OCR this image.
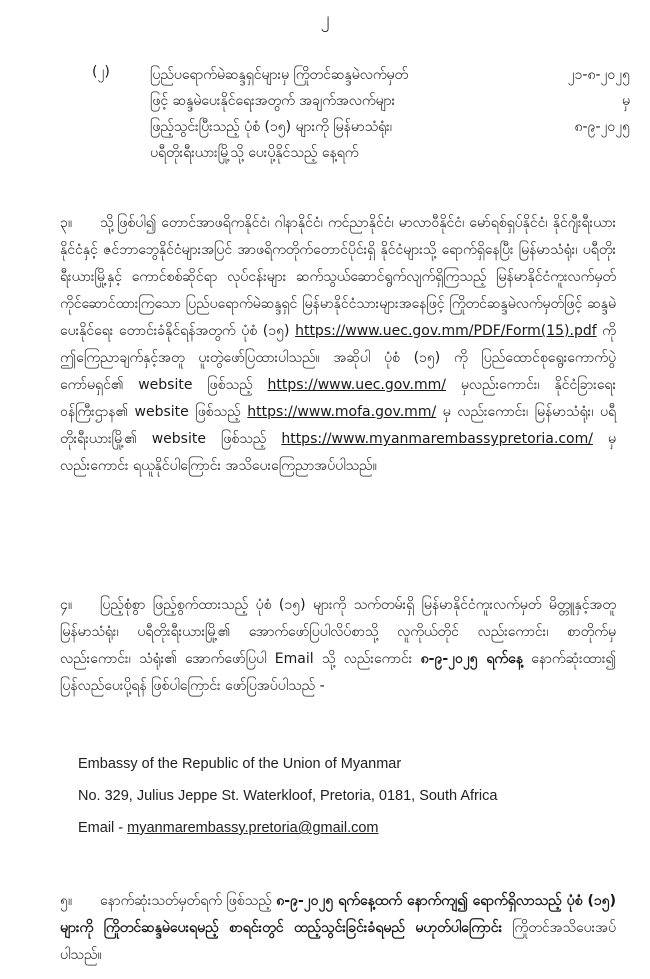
၂
(၂)	ပြည်ပရောက်မဲဆန္ဒရှင်များမှ ကြိုတင်ဆန္ဒမဲလက်မှတ်	၂၁-၈-၂၀၂၅
ဖြင့် ဆန္ဒမဲပေးနိုင်ရေးအတွက် အချက်အလက်များ	မှ
ဖြည့်သွင်းပြီးသည့် ပုံစံ (၁၅) များကို မြန်မာသံရုံး၊	၈-၉-၂၀၂၅
ပရီတိုးရီးယားမြို့သို့ ပေးပို့နိုင်သည့် နေ့ရက်
၃။ သို့ဖြစ်ပါ၍ တောင်အာဖရိကနိုင်ငံ၊ ဂါနာနိုင်ငံ၊ ကင်ညာနိုင်ငံ၊ မာလာဝီနိုင်ငံ၊ မော်ရစ်ရှပ်နိုင်ငံ၊ နိုင်ဂျီးရီးယားနိုင်ငံနှင့် ဇင်ဘာဘွေနိုင်ငံများအပြင် အာဖရိကတိုက်တောင်ပိုင်းရှိ နိုင်ငံများသို့ ရောက်ရှိနေပြီး မြန်မာသံရုံး၊ ပရီတိုးရီးယားမြို့နှင့် ကောင်စစ်ဆိုင်ရာ လုပ်ငန်းများ ဆက်သွယ်ဆောင်ရွက်လျက်ရှိကြသည့် မြန်မာနိုင်ငံကူးလက်မှတ်ကိုင်ဆောင်ထားကြသော ပြည်ပရောက်မဲဆန္ဒရှင် မြန်မာနိုင်ငံသားများအနေဖြင့် ကြိုတင်ဆန္ဒမဲလက်မှတ်ဖြင့် ဆန္ဒမဲပေးနိုင်ရေး တောင်းခံနိုင်ရန်အတွက် ပုံစံ (၁၅) https://www.uec.gov.mm/PDF/Form(15).pdf ကို ဤကြေညာချက်နှင့်အတူ ပူးတွဲဖော်ပြထားပါသည်။ အဆိုပါ ပုံစံ (၁၅) ကို ပြည်ထောင်စုရွေးကောက်ပွဲကော်မရှင်၏ website ဖြစ်သည့် https://www.uec.gov.mm/ မှလည်းကောင်း၊ နိုင်ငံခြားရေးဝန်ကြီးဌာန၏ website ဖြစ်သည့် https://www.mofa.gov.mm/ မှ လည်းကောင်း၊ မြန်မာသံရုံး၊ ပရီတိုးရီးယားမြို့၏ website ဖြစ်သည့် https://www.myanmarembassypretoria.com/ မှ လည်းကောင်း ရယူနိုင်ပါကြောင်း အသိပေးကြေညာအပ်ပါသည်။
၄။ ပြည့်စုံစွာ ဖြည့်စွက်ထားသည့် ပုံစံ (၁၅) များကို သက်တမ်းရှိ မြန်မာနိုင်ငံကူးလက်မှတ် မိတ္တူနှင့်အတူ မြန်မာသံရုံး၊ ပရီတိုးရီးယားမြို့၏ အောက်ဖော်ပြပါလိပ်စာသို့ လူကိုယ်တိုင် လည်းကောင်း၊ စာတိုက်မှ လည်းကောင်း၊ သံရုံး၏ အောက်ဖော်ပြပါ Email သို့ လည်းကောင်း ၈-၉-၂၀၂၅ ရက်နေ့ နောက်ဆုံးထား၍ ပြန်လည်ပေးပို့ရန် ဖြစ်ပါကြောင်း ဖော်ပြအပ်ပါသည် -
Embassy of the Republic of the Union of Myanmar
No. 329, Julius Jeppe St. Waterkloof, Pretoria, 0181, South Africa
Email - myanmarembassy.pretoria@gmail.com
၅။ နောက်ဆုံးသတ်မှတ်ရက် ဖြစ်သည့် ၈-၉-၂၀၂၅ ရက်နေ့ထက် နောက်ကျ၍ ရောက်ရှိလာသည့် ပုံစံ (၁၅) များကို ကြိုတင်ဆန္ဒမဲပေးရမည့် စာရင်းတွင် ထည့်သွင်းခြင်းခံရမည် မဟုတ်ပါကြောင်း ကြိုတင်အသိပေးအပ်ပါသည်။
